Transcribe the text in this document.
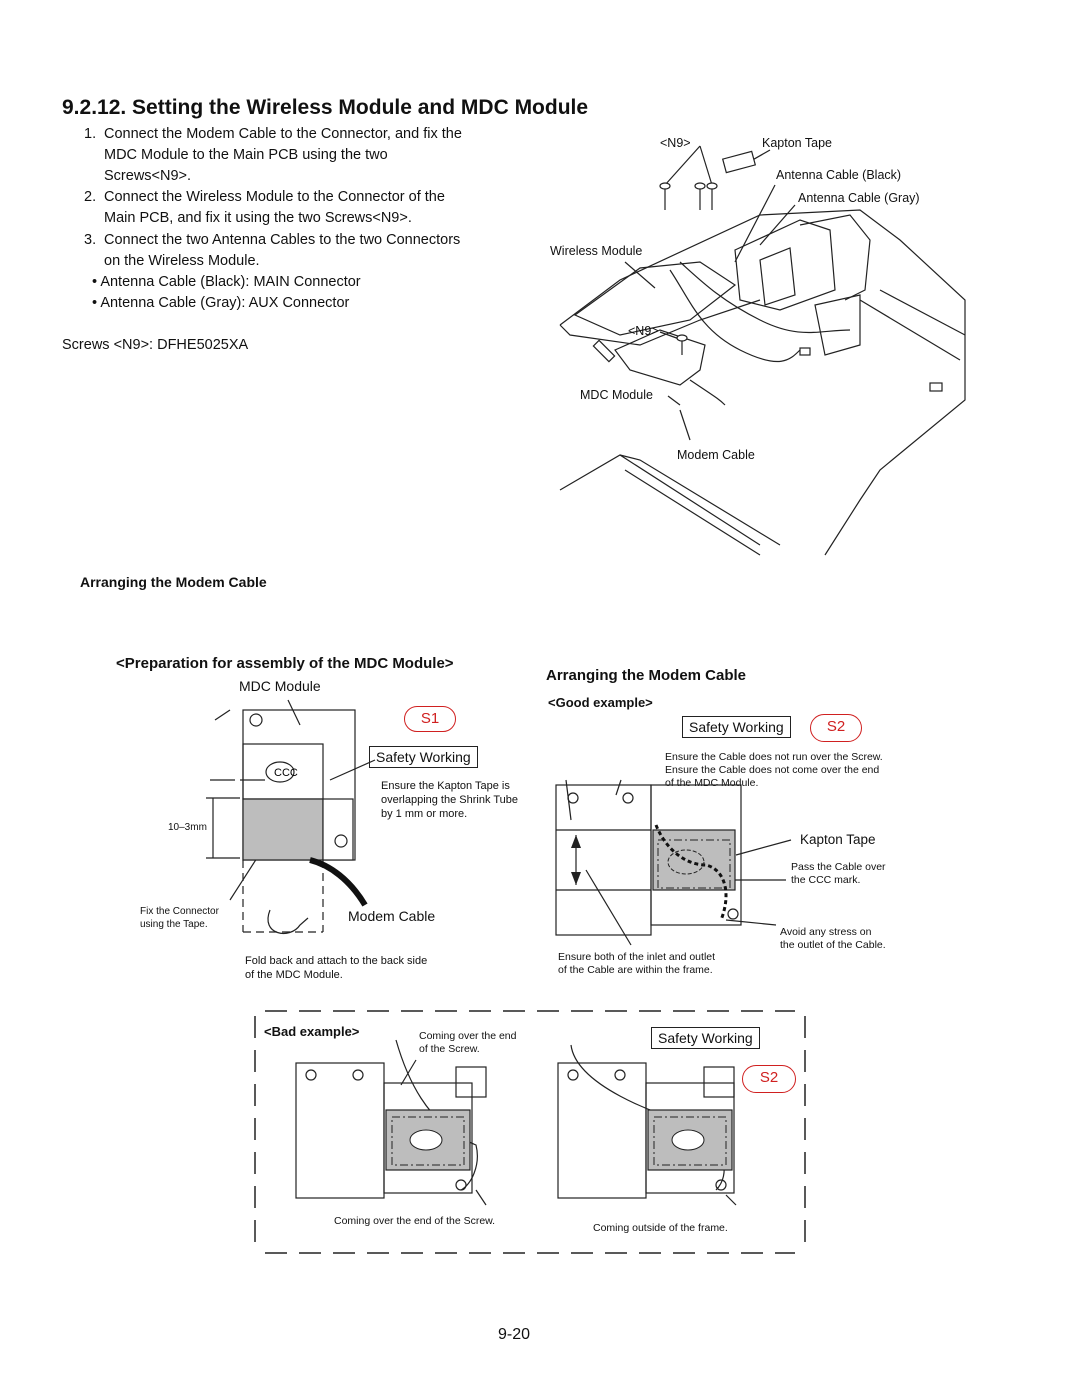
9.2.12. Setting the Wireless Module and MDC Module
1. Connect the Modem Cable to the Connector, and fix the
MDC Module to the Main PCB using the two
Screws<N9>.
2. Connect the Wireless Module to the Connector of the
Main PCB, and fix it using the two Screws<N9>.
3. Connect the two Antenna Cables to the two Connectors
on the Wireless Module.
• Antenna Cable (Black): MAIN Connector
• Antenna Cable (Gray): AUX Connector
Screws <N9>: DFHE5025XA
<N9>	Kapton Tape
Antenna Cable (Black)
Antenna Cable (Gray)
Wireless Module
<N9>
MDC Module
Modem Cable
Arranging the Modem Cable
<Preparation for assembly of the MDC Module>
MDC Module
S1
Safety Working
Ensure the Kapton Tape is
overlapping the Shrink Tube
by 1 mm or more.
CCC
10–3mm
Fix the Connector
using the Tape.
Modem Cable
Fold back and attach to the back side
of the MDC Module.
Arranging the Modem Cable
<Good example>
Safety Working	S2
Ensure the Cable does not run over the Screw.
Ensure the Cable does not come over the end
of the MDC Module.
Kapton Tape
Pass the Cable over
the CCC mark.
Avoid any stress on
the outlet of the Cable.
Ensure both of the inlet and outlet
of the Cable are within the frame.
<Bad example>	Coming over the end
of the Screw.
Safety Working
S2
Coming over the end of the Screw.
Coming outside of the frame.
9-20
